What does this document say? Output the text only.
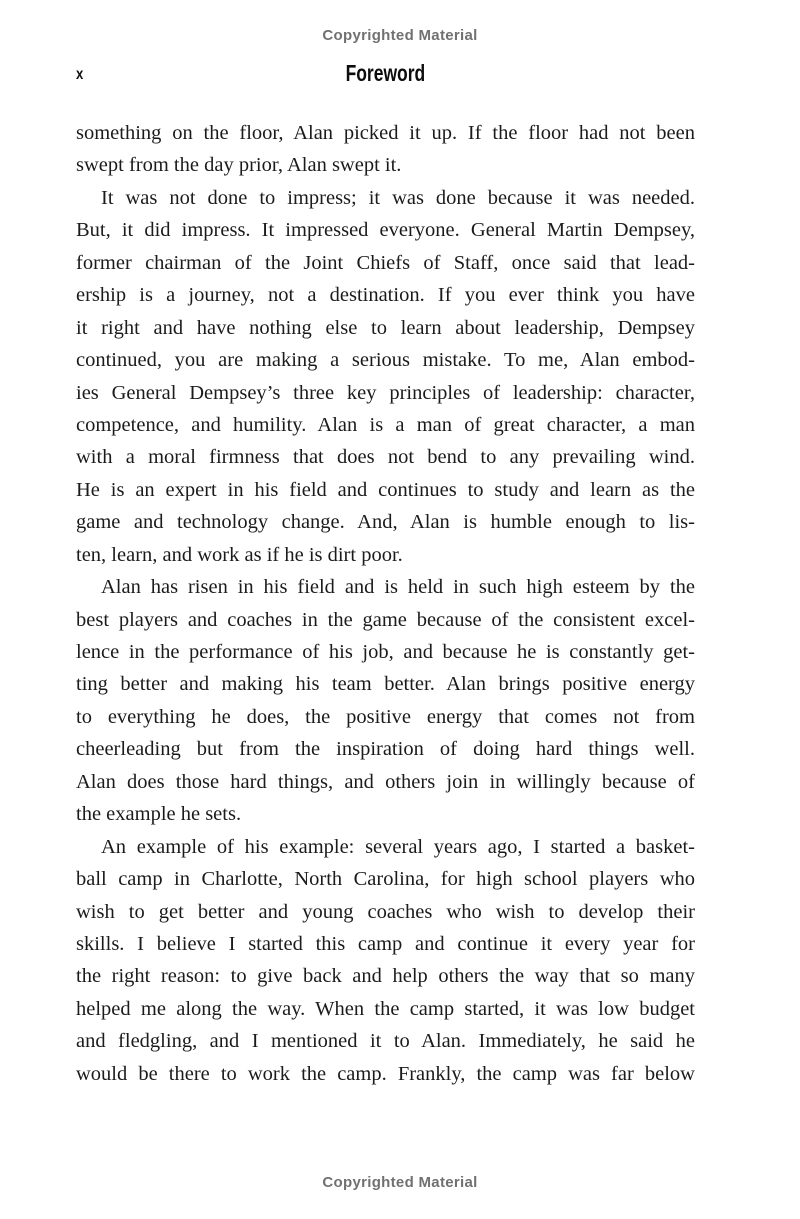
Copyrighted Material
x	Foreword
something on the floor, Alan picked it up. If the floor had not been
swept from the day prior, Alan swept it.
It was not done to impress; it was done because it was needed.
But, it did impress. It impressed everyone. General Martin Dempsey,
former chairman of the Joint Chiefs of Staff, once said that lead-
ership is a journey, not a destination. If you ever think you have
it right and have nothing else to learn about leadership, Dempsey
continued, you are making a serious mistake. To me, Alan embod-
ies General Dempsey’s three key principles of leadership: character,
competence, and humility. Alan is a man of great character, a man
with a moral firmness that does not bend to any prevailing wind.
He is an expert in his field and continues to study and learn as the
game and technology change. And, Alan is humble enough to lis-
ten, learn, and work as if he is dirt poor.
Alan has risen in his field and is held in such high esteem by the
best players and coaches in the game because of the consistent excel-
lence in the performance of his job, and because he is constantly get-
ting better and making his team better. Alan brings positive energy
to everything he does, the positive energy that comes not from
cheerleading but from the inspiration of doing hard things well.
Alan does those hard things, and others join in willingly because of
the example he sets.
An example of his example: several years ago, I started a basket-
ball camp in Charlotte, North Carolina, for high school players who
wish to get better and young coaches who wish to develop their
skills. I believe I started this camp and continue it every year for
the right reason: to give back and help others the way that so many
helped me along the way. When the camp started, it was low budget
and fledgling, and I mentioned it to Alan. Immediately, he said he
would be there to work the camp. Frankly, the camp was far below
Copyrighted Material
